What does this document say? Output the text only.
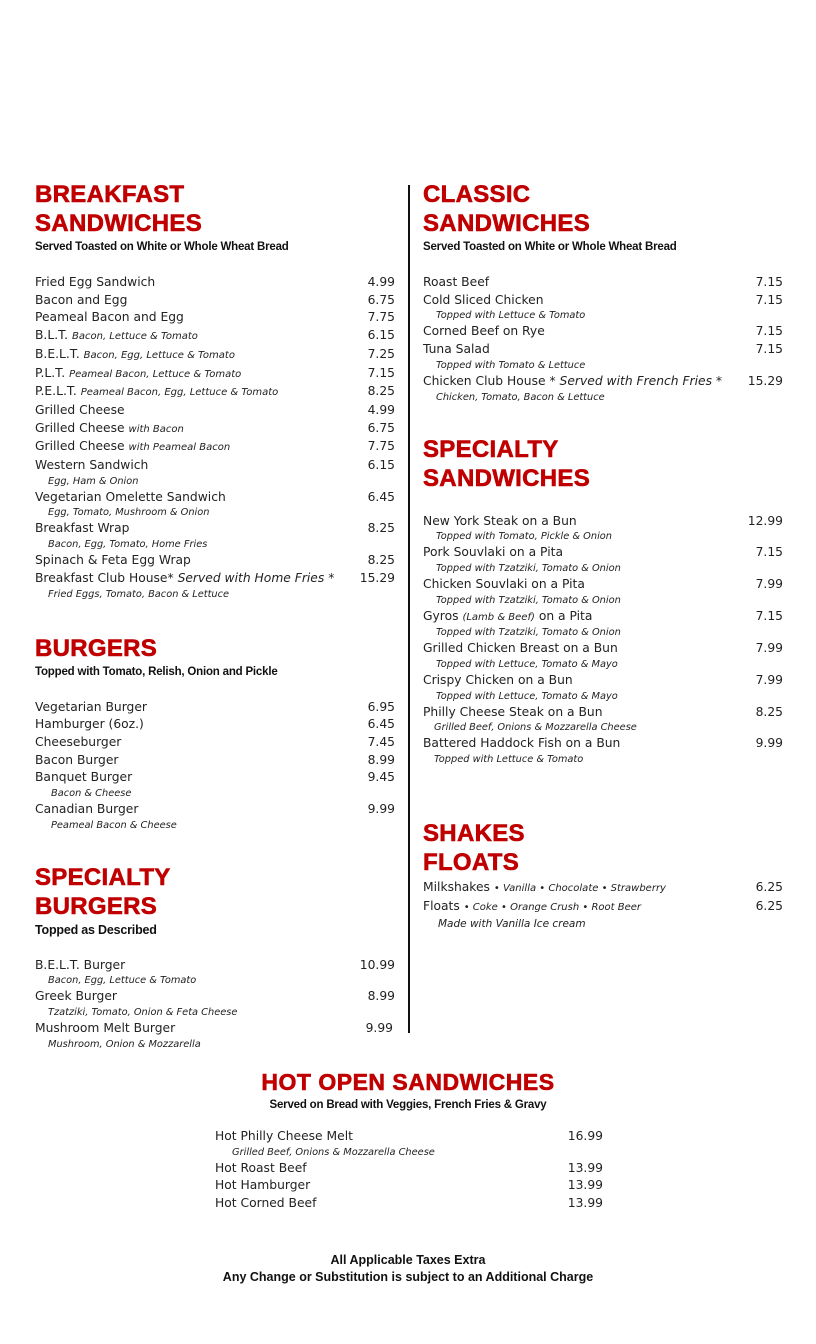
BREAKFAST
SANDWICHES
Served Toasted on White or Whole Wheat Bread
Fried Egg Sandwich	4.99
Bacon and Egg	6.75
Peameal Bacon and Egg	7.75
B.L.T. Bacon, Lettuce & Tomato	6.15
B.E.L.T. Bacon, Egg, Lettuce & Tomato	7.25
P.L.T. Peameal Bacon, Lettuce & Tomato	7.15
P.E.L.T. Peameal Bacon, Egg, Lettuce & Tomato	8.25
Grilled Cheese	4.99
Grilled Cheese with Bacon	6.75
Grilled Cheese with Peameal Bacon	7.75
Western Sandwich	6.15
Egg, Ham & Onion
Vegetarian Omelette Sandwich	6.45
Egg, Tomato, Mushroom & Onion
Breakfast Wrap	8.25
Bacon, Egg, Tomato, Home Fries
Spinach & Feta Egg Wrap	8.25
Breakfast Club House* Served with Home Fries *	15.29
Fried Eggs, Tomato, Bacon & Lettuce
BURGERS
Topped with Tomato, Relish, Onion and Pickle
Vegetarian Burger	6.95
Hamburger (6oz.)	6.45
Cheeseburger	7.45
Bacon Burger	8.99
Banquet Burger	9.45
Bacon & Cheese
Canadian Burger	9.99
Peameal Bacon & Cheese
SPECIALTY
BURGERS
Topped as Described
B.E.L.T. Burger	10.99
Bacon, Egg, Lettuce & Tomato
Greek Burger	8.99
Tzatziki, Tomato, Onion & Feta Cheese
Mushroom Melt Burger	9.99
Mushroom, Onion & Mozzarella
CLASSIC
SANDWICHES
Served Toasted on White or Whole Wheat Bread
Roast Beef	7.15
Cold Sliced Chicken	7.15
Topped with Lettuce & Tomato
Corned Beef on Rye	7.15
Tuna Salad	7.15
Topped with Tomato & Lettuce
Chicken Club House * Served with French Fries *	15.29
Chicken, Tomato, Bacon & Lettuce
SPECIALTY
SANDWICHES
New York Steak on a Bun	12.99
Topped with Tomato, Pickle & Onion
Pork Souvlaki on a Pita	7.15
Topped with Tzatziki, Tomato & Onion
Chicken Souvlaki on a Pita	7.99
Topped with Tzatziki, Tomato & Onion
Gyros (Lamb & Beef) on a Pita	7.15
Topped with Tzatziki, Tomato & Onion
Grilled Chicken Breast on a Bun	7.99
Topped with Lettuce, Tomato & Mayo
Crispy Chicken on a Bun	7.99
Topped with Lettuce, Tomato & Mayo
Philly Cheese Steak on a Bun	8.25
Grilled Beef, Onions & Mozzarella Cheese
Battered Haddock Fish on a Bun	9.99
Topped with Lettuce & Tomato
SHAKES
FLOATS
Milkshakes • Vanilla • Chocolate • Strawberry	6.25
Floats • Coke • Orange Crush • Root Beer	6.25
Made with Vanilla Ice cream
HOT OPEN SANDWICHES
Served on Bread with Veggies, French Fries & Gravy
Hot Philly Cheese Melt	16.99
Grilled Beef, Onions & Mozzarella Cheese
Hot Roast Beef	13.99
Hot Hamburger	13.99
Hot Corned Beef	13.99
All Applicable Taxes Extra
Any Change or Substitution is subject to an Additional Charge
